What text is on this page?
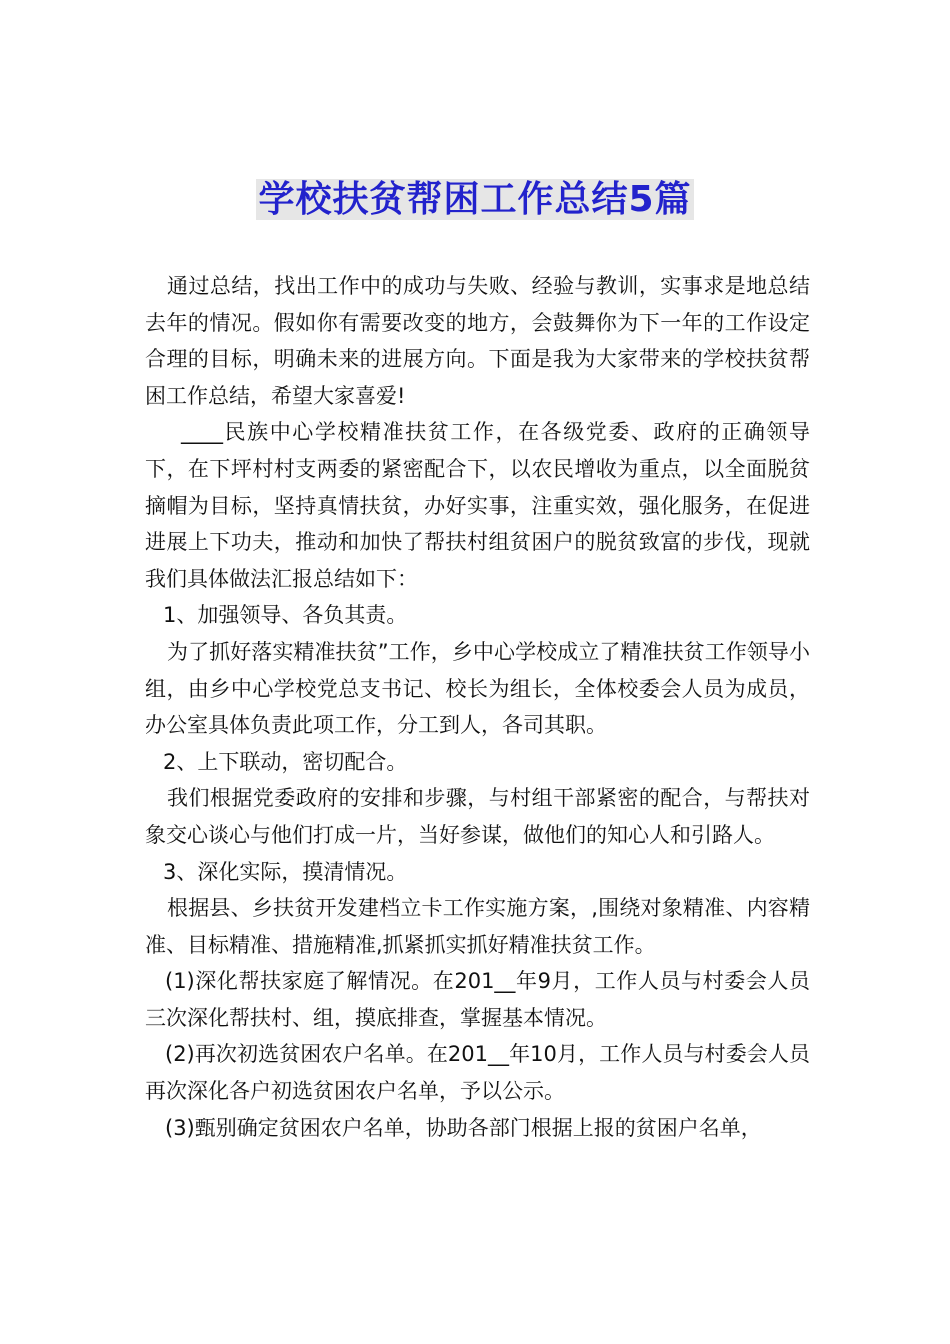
学校扶贫帮困工作总结5篇

通过总结，找出工作中的成功与失败、经验与教训，实事求是地总结去年的情况。假如你有需要改变的地方，会鼓舞你为下一年的工作设定合理的目标，明确未来的进展方向。下面是我为大家带来的学校扶贫帮困工作总结，希望大家喜爱!

____民族中心学校精准扶贫工作，在各级党委、政府的正确领导下，在下坪村村支两委的紧密配合下，以农民增收为重点，以全面脱贫摘帽为目标，坚持真情扶贫，办好实事，注重实效，强化服务，在促进进展上下功夫，推动和加快了帮扶村组贫困户的脱贫致富的步伐，现就我们具体做法汇报总结如下：

1、加强领导、各负其责。

为了抓好落实精准扶贫”工作，乡中心学校成立了精准扶贫工作领导小组，由乡中心学校党总支书记、校长为组长，全体校委会人员为成员，办公室具体负责此项工作，分工到人，各司其职。

2、上下联动，密切配合。

我们根据党委政府的安排和步骤，与村组干部紧密的配合，与帮扶对象交心谈心与他们打成一片，当好参谋，做他们的知心人和引路人。

3、深化实际，摸清情况。

根据县、乡扶贫开发建档立卡工作实施方案，,围绕对象精准、内容精准、目标精准、措施精准,抓紧抓实抓好精准扶贫工作。

(1)深化帮扶家庭了解情况。在201__年9月，工作人员与村委会人员三次深化帮扶村、组，摸底排查，掌握基本情况。

(2)再次初选贫困农户名单。在201__年10月，工作人员与村委会人员再次深化各户初选贫困农户名单，予以公示。

(3)甄别确定贫困农户名单，协助各部门根据上报的贫困户名单，
